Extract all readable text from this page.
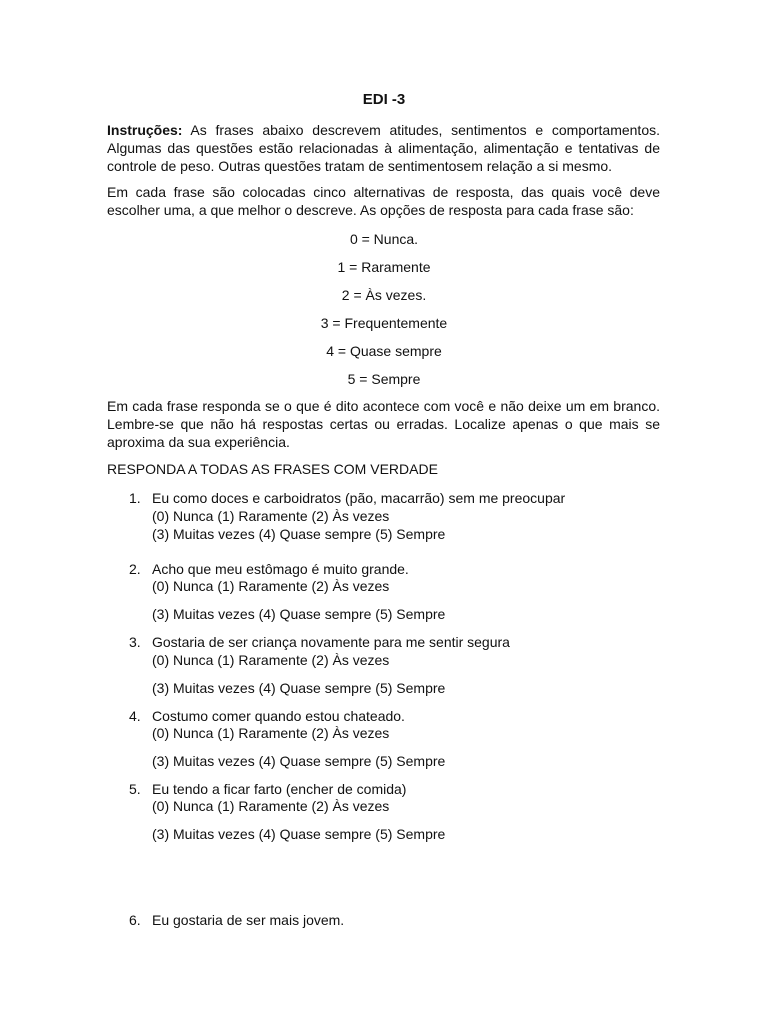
EDI -3
Instruções: As frases abaixo descrevem atitudes, sentimentos e comportamentos. Algumas das questões estão relacionadas à alimentação, alimentação e tentativas de controle de peso. Outras questões tratam de sentimentosem relação a si mesmo.
Em cada frase são colocadas cinco alternativas de resposta, das quais você deve escolher uma, a que melhor o descreve. As opções de resposta para cada frase são:
0 = Nunca.
1 = Raramente
2 = Às vezes.
3 = Frequentemente
4 = Quase sempre
5 = Sempre
Em cada frase responda se o que é dito acontece com você e não deixe um em branco. Lembre-se que não há respostas certas ou erradas. Localize apenas o que mais se aproxima da sua experiência.
RESPONDA A TODAS AS FRASES COM VERDADE
1. Eu como doces e carboidratos (pão, macarrão) sem me preocupar
(0) Nunca (1) Raramente (2) Às vezes
(3) Muitas vezes (4) Quase sempre (5) Sempre
2. Acho que meu estômago é muito grande.
(0) Nunca (1) Raramente (2) Às vezes
(3) Muitas vezes (4) Quase sempre (5) Sempre
3. Gostaria de ser criança novamente para me sentir segura
(0) Nunca (1) Raramente (2) Às vezes
(3) Muitas vezes (4) Quase sempre (5) Sempre
4. Costumo comer quando estou chateado.
(0) Nunca (1) Raramente (2) Às vezes
(3) Muitas vezes (4) Quase sempre (5) Sempre
5. Eu tendo a ficar farto (encher de comida)
(0) Nunca (1) Raramente (2) Às vezes
(3) Muitas vezes (4) Quase sempre (5) Sempre
6. Eu gostaria de ser mais jovem.
